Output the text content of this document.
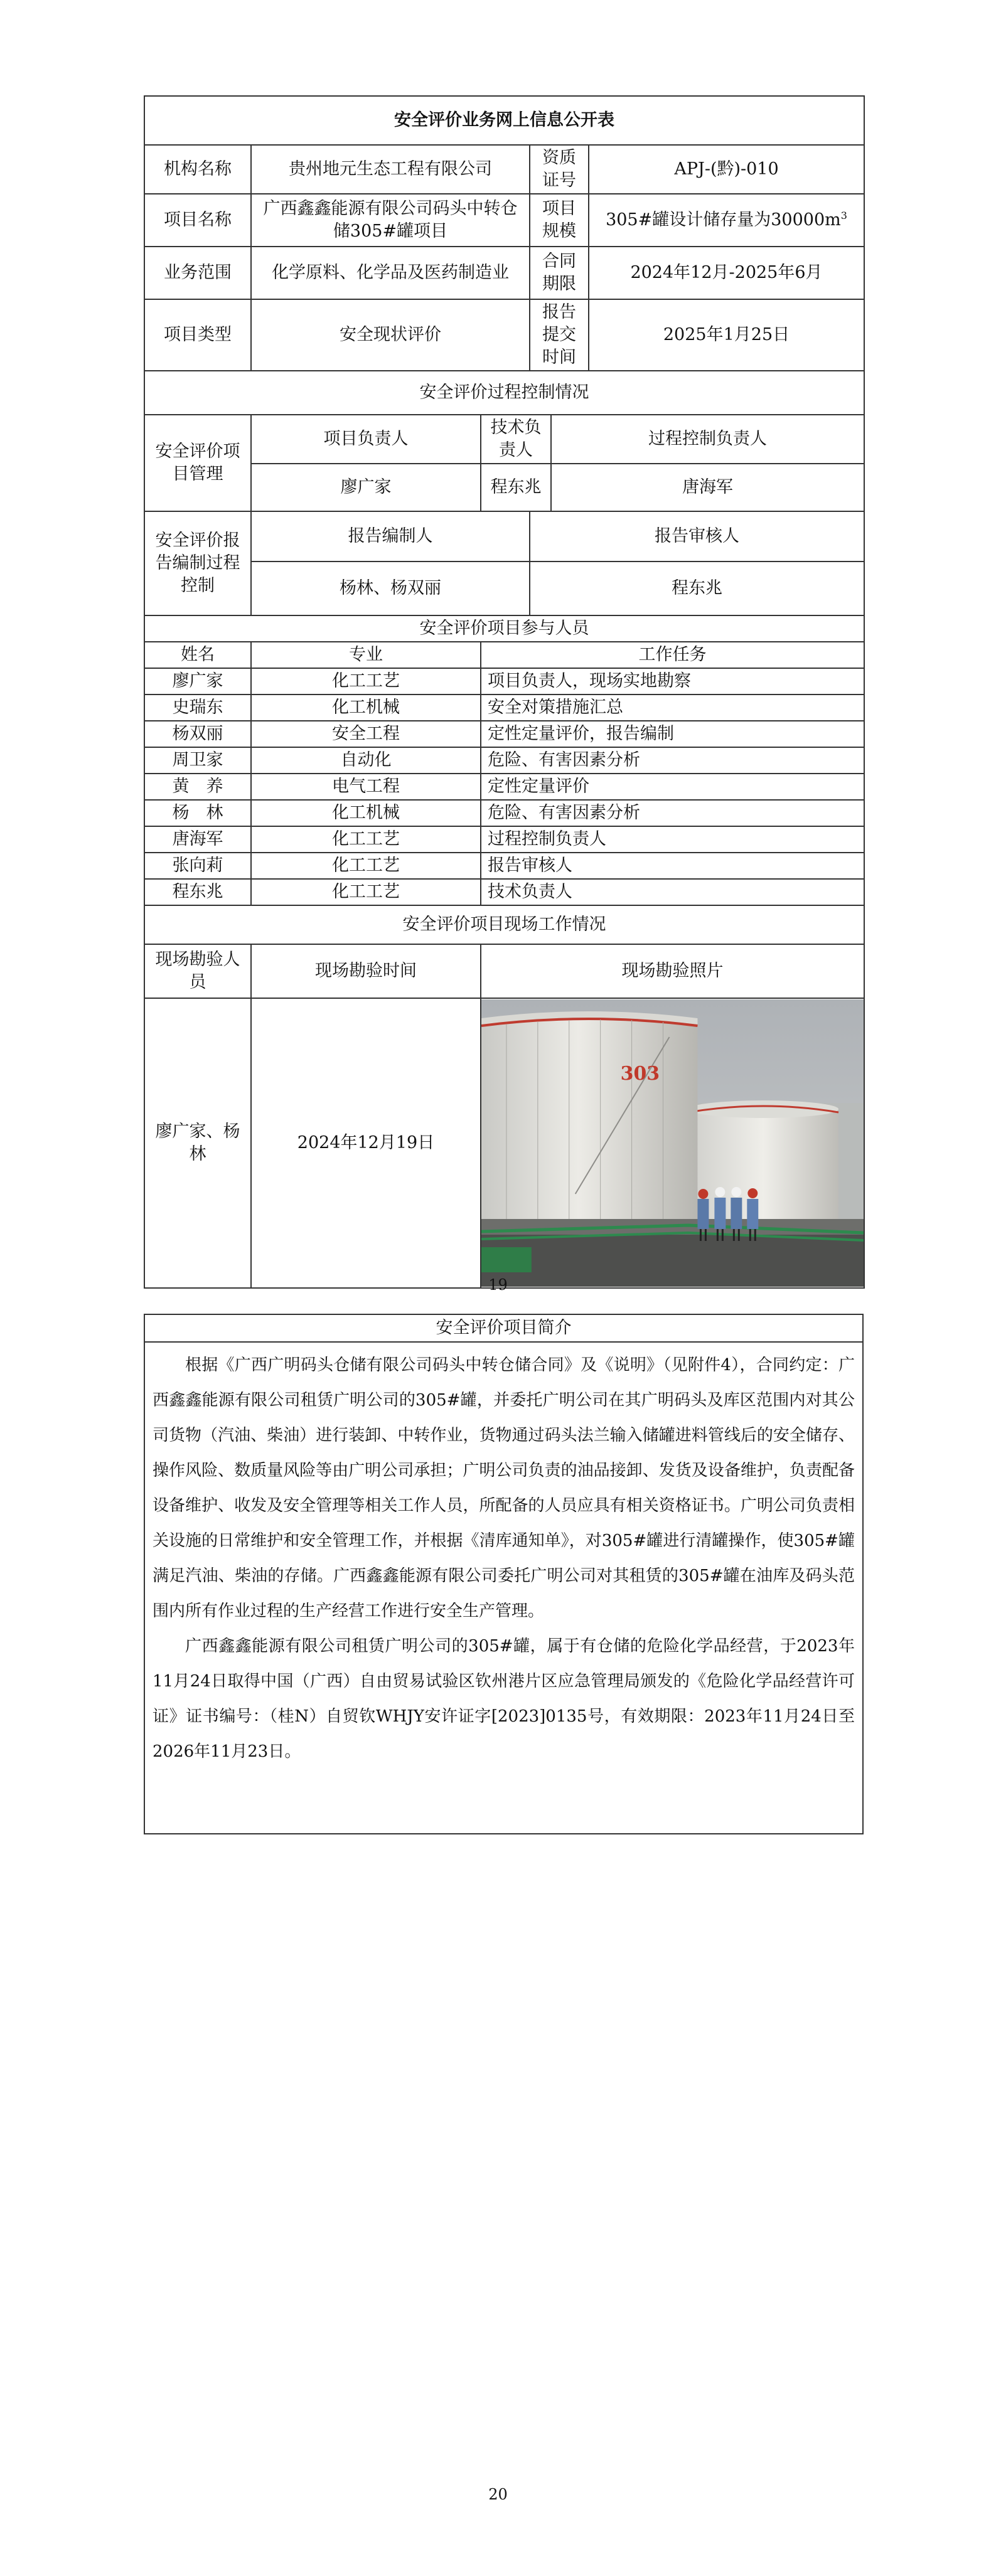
安全评价业务网上信息公开表					
机构名称	贵州地元生态工程有限公司		资质证号		APJ-(黔)-010
项目名称	广西鑫鑫能源有限公司码头中转仓储305#罐项目		项目规模		305#罐设计储存量为$30000m^3$
业务范围	化学原料、化学品及医药制造业		合同期限		2024年12月-2025年6月
项目类型	安全现状评价		报告提交时间		2025年1月25日
安全评价过程控制情况					
安全评价项目管理	项目负责人	技术负责人		过程控制负责人	
	廖广家	程东兆		唐海军	
安全评价报告编制过程控制	报告编制人		报告审核人		
	杨林、杨双丽		程东兆		
安全评价项目参与人员					
姓名	专业	工作任务			
廖广家	化工工艺	项目负责人，现场实地勘察			
史瑞东	化工机械	安全对策措施汇总			
杨双丽	安全工程	定性定量评价，报告编制			
周卫家	自动化	危险、有害因素分析			
黄　养	电气工程	定性定量评价			
杨　林	化工机械	危险、有害因素分析			
唐海军	化工工艺	过程控制负责人			
张向莉	化工工艺	报告审核人			
程东兆	化工工艺	技术负责人			
安全评价项目现场工作情况					
现场勘验人员	现场勘验时间	现场勘验照片			
廖广家、杨林	2024年12月19日	303			
19
安全评价项目简介

根据《广西广明码头仓储有限公司码头中转仓储合同》及《说明》（见附件4），合同约定：广西鑫鑫能源有限公司租赁广明公司的305#罐，并委托广明公司在其广明码头及库区范围内对其公司货物（汽油、柴油）进行装卸、中转作业，货物通过码头法兰输入储罐进料管线后的安全储存、操作风险、数质量风险等由广明公司承担；广明公司负责的油品接卸、发货及设备维护，负责配备设备维护、收发及安全管理等相关工作人员，所配备的人员应具有相关资格证书。广明公司负责相关设施的日常维护和安全管理工作，并根据《清库通知单》，对305#罐进行清罐操作，使305#罐满足汽油、柴油的存储。广西鑫鑫能源有限公司委托广明公司对其租赁的305#罐在油库及码头范围内所有作业过程的生产经营工作进行安全生产管理。

广西鑫鑫能源有限公司租赁广明公司的305#罐，属于有仓储的危险化学品经营，于2023年11月24日取得中国（广西）自由贸易试验区钦州港片区应急管理局颁发的《危险化学品经营许可证》证书编号：（桂N）自贸钦WHJY安许证字[2023]0135号，有效期限：2023年11月24日至2026年11月23日。

20
